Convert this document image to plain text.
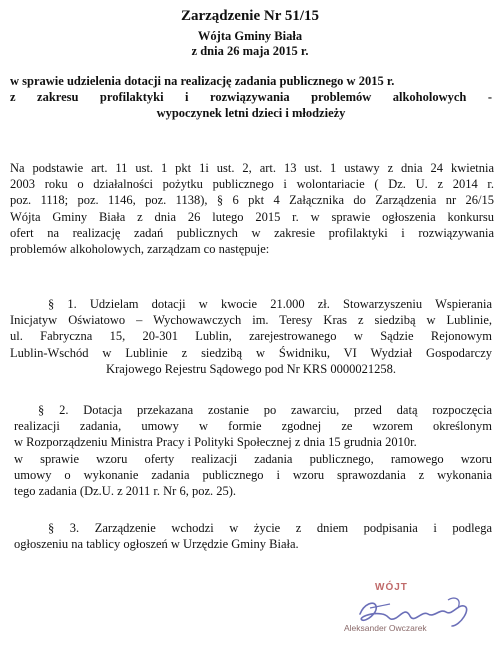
Zarządzenie Nr 51/15
Wójta Gminy Biała
z dnia 26 maja 2015 r.
w sprawie udzielenia dotacji na realizację zadania publicznego w 2015 r.
z zakresu profilaktyki i rozwiązywania problemów alkoholowych -
wypoczynek letni dzieci i młodzieży
Na podstawie art. 11 ust. 1 pkt 1i ust. 2, art. 13 ust. 1 ustawy z dnia 24 kwietnia
2003 roku o działalności pożytku publicznego i wolontariacie ( Dz. U. z 2014 r.
poz. 1118; poz. 1146, poz. 1138), § 6 pkt 4 Załącznika do Zarządzenia nr 26/15
Wójta Gminy Biała z dnia 26 lutego 2015 r. w sprawie ogłoszenia konkursu
ofert na realizację zadań publicznych w zakresie profilaktyki i rozwiązywania
problemów alkoholowych, zarządzam co następuje:
§ 1. Udzielam dotacji w kwocie 21.000 zł. Stowarzyszeniu Wspierania
Inicjatyw Oświatowo – Wychowawczych im. Teresy Kras z siedzibą w Lublinie,
ul. Fabryczna 15, 20-301 Lublin, zarejestrowanego w Sądzie Rejonowym
Lublin-Wschód w Lublinie z siedzibą w Świdniku, VI Wydział Gospodarczy
Krajowego Rejestru Sądowego pod Nr KRS 0000021258.
§ 2. Dotacja przekazana zostanie po zawarciu, przed datą rozpoczęcia
realizacji zadania, umowy w formie zgodnej ze wzorem określonym
w Rozporządzeniu Ministra Pracy i Polityki Społecznej z dnia 15 grudnia 2010r.
w sprawie wzoru oferty realizacji zadania publicznego, ramowego wzoru
umowy o wykonanie zadania publicznego i wzoru sprawozdania z wykonania
tego zadania (Dz.U. z 2011 r. Nr 6, poz. 25).
§ 3. Zarządzenie wchodzi w życie z dniem podpisania i podlega
ogłoszeniu na tablicy ogłoszeń w Urzędzie Gminy Biała.
WÓJT
Aleksander Owczarek
